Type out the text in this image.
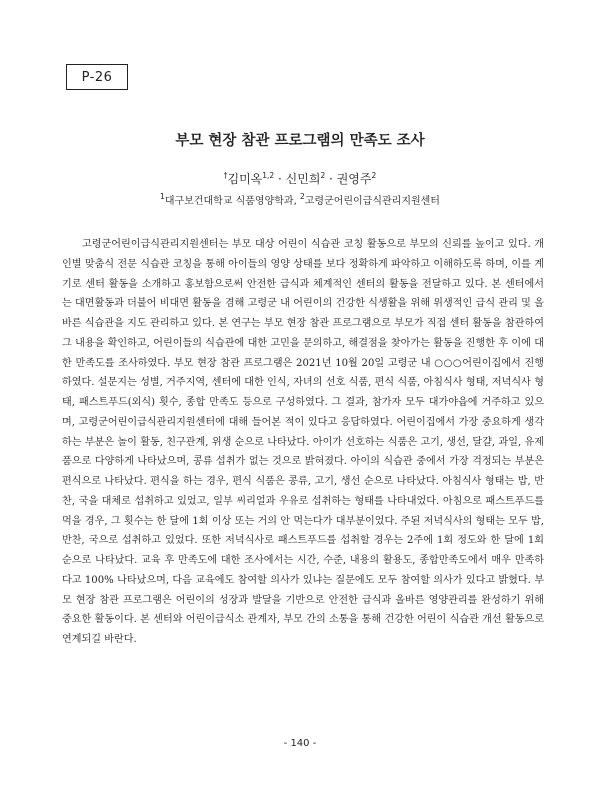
P-26
부모 현장 참관 프로그램의 만족도 조사
†김미옥$^{1,2}$ · 신민희$^2$ · 권영주$^2$
$^1$대구보건대학교 식품영양학과, $^2$고령군어린이급식관리지원센터

고령군어린이급식관리지원센터는 부모 대상 어린이 식습관 코칭 활동으로 부모의 신뢰를 높이고 있다. 개인별 맞춤식 전문 식습관 코칭을 통해 아이들의 영양 상태를 보다 정확하게 파악하고 이해하도록 하며, 이를 계기로 센터 활동을 소개하고 홍보함으로써 안전한 급식과 체계적인 센터의 활동을 전달하고 있다. 본 센터에서는 대면활동과 더불어 비대면 활동을 겸해 고령군 내 어린이의 건강한 식생활을 위해 위생적인 급식 관리 및 올바른 식습관을 지도 관리하고 있다. 본 연구는 부모 현장 참관 프로그램으로 부모가 직접 센터 활동을 참관하여 그 내용을 확인하고, 어린이들의 식습관에 대한 고민을 문의하고, 해결점을 찾아가는 활동을 진행한 후 이에 대한 만족도를 조사하였다. 부모 현장 참관 프로그램은 2021년 10월 20일 고령군 내 ○○○어린이집에서 진행하였다. 설문지는 성별, 거주지역, 센터에 대한 인식, 자녀의 선호 식품, 편식 식품, 아침식사 형태, 저녁식사 형태, 패스트푸드(외식) 횟수, 종합 만족도 등으로 구성하였다. 그 결과, 참가자 모두 대가야읍에 거주하고 있으며, 고령군어린이급식관리지원센터에 대해 들어본 적이 있다고 응답하였다. 어린이집에서 가장 중요하게 생각하는 부분은 놀이 활동, 친구관계, 위생 순으로 나타났다. 아이가 선호하는 식품은 고기, 생선, 달걀, 과일, 유제품으로 다양하게 나타났으며, 콩류 섭취가 없는 것으로 밝혀졌다. 아이의 식습관 중에서 가장 걱정되는 부분은 편식으로 나타났다. 편식을 하는 경우, 편식 식품은 콩류, 고기, 생선 순으로 나타났다. 아침식사 형태는 밥, 반찬, 국을 대체로 섭취하고 있었고, 일부 씨리얼과 우유로 섭취하는 형태를 나타내었다. 아침으로 패스트푸드를 먹을 경우, 그 횟수는 한 달에 1회 이상 또는 거의 안 먹는다가 대부분이었다. 주된 저녁식사의 형태는 모두 밥, 반찬, 국으로 섭취하고 있었다. 또한 저녁식사로 패스트푸드를 섭취할 경우는 2주에 1회 정도와 한 달에 1회 순으로 나타났다. 교육 후 만족도에 대한 조사에서는 시간, 수준, 내용의 활용도, 종합만족도에서 매우 만족하다고 100% 나타났으며, 다음 교육에도 참여할 의사가 있냐는 질문에도 모두 참여할 의사가 있다고 밝혔다. 부모 현장 참관 프로그램은 어린이의 성장과 발달을 기반으로 안전한 급식과 올바른 영양관리를 완성하기 위해 중요한 활동이다. 본 센터와 어린이급식소 관계자, 부모 간의 소통을 통해 건강한 어린이 식습관 개선 활동으로 연계되길 바란다.

- 140 -
